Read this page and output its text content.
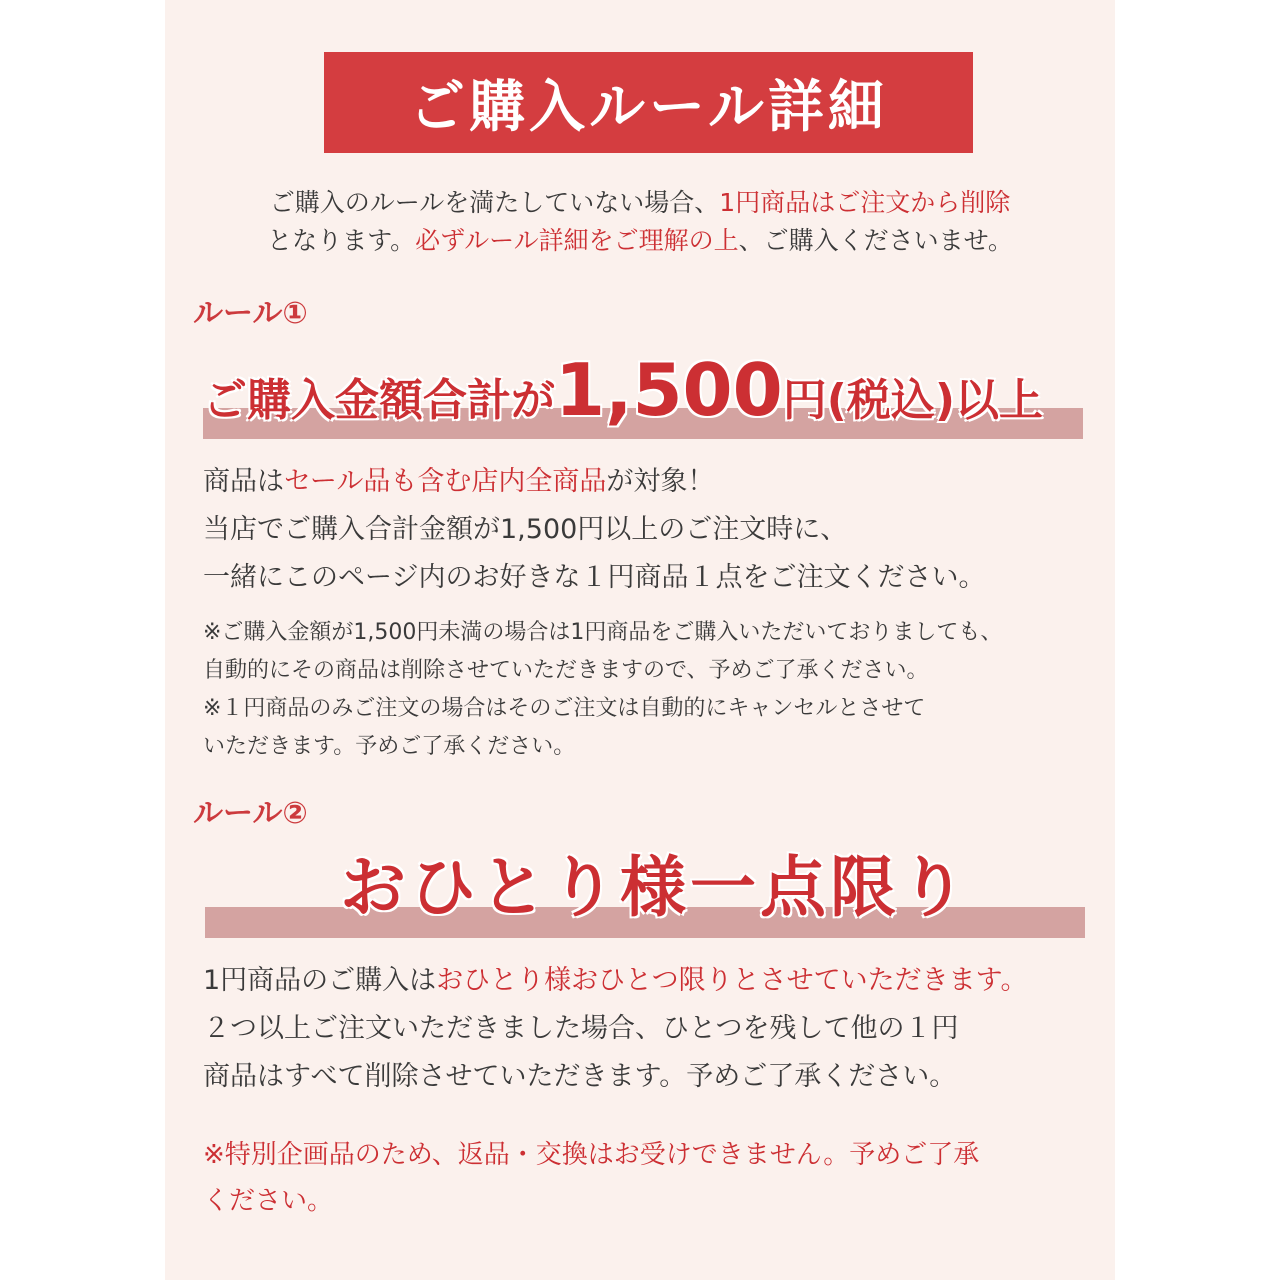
ご購入ルール詳細
ご購入のルールを満たしていない場合、1円商品はご注文から削除
となります。必ずルール詳細をご理解の上、ご購入くださいませ。
ルール①
ご購入金額合計が1,500円(税込)以上
商品はセール品も含む店内全商品が対象！
当店でご購入合計金額が1,500円以上のご注文時に、
一緒にこのページ内のお好きな１円商品１点をご注文ください。
※ご購入金額が1,500円未満の場合は1円商品をご購入いただいておりましても、
自動的にその商品は削除させていただきますので、予めご了承ください。
※１円商品のみご注文の場合はそのご注文は自動的にキャンセルとさせて
いただきます。予めご了承ください。
ルール②
おひとり様一点限り
1円商品のご購入はおひとり様おひとつ限りとさせていただきます。
２つ以上ご注文いただきました場合、ひとつを残して他の１円
商品はすべて削除させていただきます。予めご了承ください。
※特別企画品のため、返品・交換はお受けできません。予めご了承
ください。
